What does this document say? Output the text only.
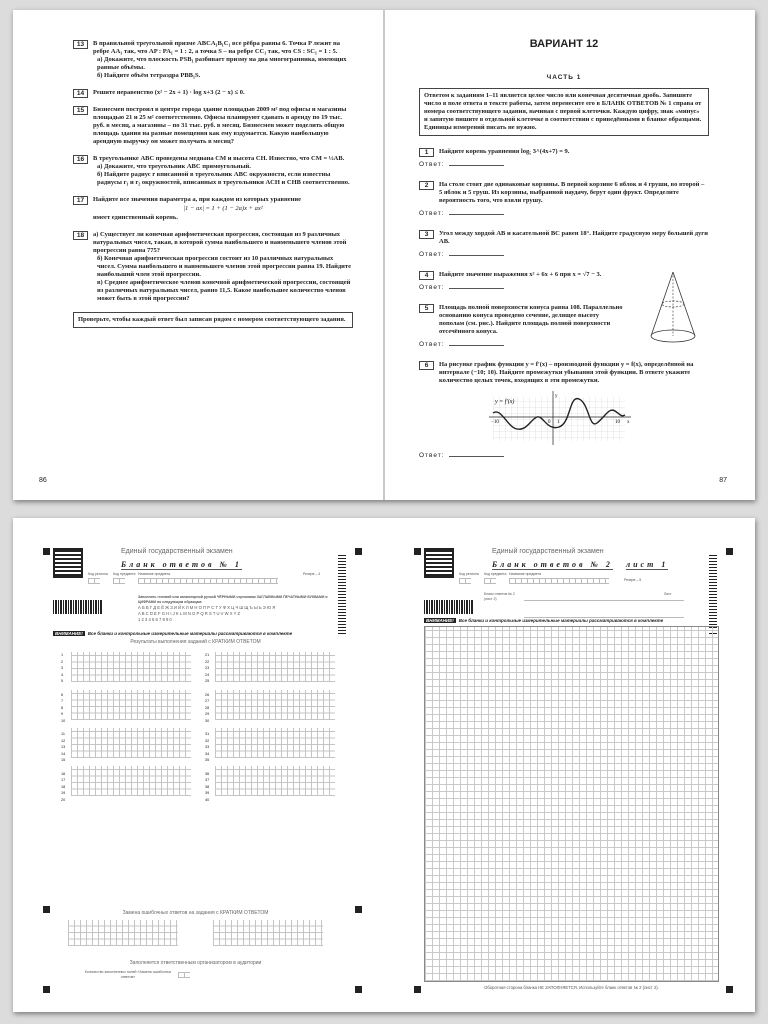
13	В правильной треугольной призме ABCA₁B₁C₁ все рёбра равны 6. Точка P лежит на ребре AA₁ так, что AP : PA₁ = 1 : 2, а точка S – на ребре CC₁ так, что CS : SC₁ = 1 : 5.
а) Докажите, что плоскость PSB₁ разбивает призму на два многогранника, имеющих равные объёмы.
б) Найдите объём тетраэдра PBB₁S.
14	Решите неравенство (x² − 2x + 1) · log x+3 (2 − x) ≤ 0.
15	Бизнесмен построил в центре города здание площадью 2009 м² под офисы и магазины площадью 21 и 25 м² соответственно. Офисы планируют сдавать в аренду по 19 тыс. руб. в месяц, а магазины – по 31 тыс. руб. в месяц. Бизнесмен может поделить общую площадь здания на разные помещения как ему вздумается. Какую наибольшую арендную выручку он может получать в месяц?
16	В треугольнике ABC проведены медиана CM и высота CH. Известно, что CM = ½AB.
а) Докажите, что треугольник ABC прямоугольный.
б) Найдите радиус r вписанной в треугольник ABC окружности, если известны радиусы r₁ и r₂ окружностей, вписанных в треугольники ACH и CHB соответственно.
17	Найдите все значения параметра a, при каждом из которых уравнение
|1 − ax| = 1 + (1 − 2a)x + ax²
имеет единственный корень.
18	а) Существует ли конечная арифметическая прогрессия, состоящая из 9 различных натуральных чисел, такая, в которой сумма наибольшего и наименьшего членов этой прогрессии равна 775?
б) Конечная арифметическая прогрессия состоит из 10 различных натуральных чисел. Сумма наибольшего и наименьшего членов этой прогрессии равна 19. Найдите наибольший член этой прогрессии.
в) Среднее арифметическое членов конечной арифметической прогрессии, состоящей из различных натуральных чисел, равно 11,5. Какое наибольшее количество членов может быть в этой прогрессии?
Проверьте, чтобы каждый ответ был записан рядом с номером соответствующего задания.
86
ВАРИАНТ 12
ЧАСТЬ 1
Ответом к заданиям 1–11 является целое число или конечная десятичная дробь. Запишите число в поле ответа в тексте работы, затем перенесите его в БЛАНК ОТВЕТОВ № 1 справа от номера соответствующего задания, начиная с первой клеточки. Каждую цифру, знак «минус» и запятую пишите в отдельной клеточке в соответствии с приведёнными в бланке образцами. Единицы измерений писать не нужно.
1	Найдите корень уравнения log₅ 3^(4x+7) = 9.
Ответ:
2	На столе стоят две одинаковые корзины. В первой корзине 6 яблок и 4 груши, во второй – 5 яблок и 5 груш. Из корзины, выбранной наудачу, берут один фрукт. Определите вероятность того, что взяли грушу.
Ответ:
3	Угол между хордой AB и касательной BC равен 18°. Найдите градусную меру большей дуги AB.
Ответ:
4	Найдите значение выражения x² + 6x + 6 при x = √7 − 3.
Ответ:
5	Площадь полной поверхности конуса равна 108. Параллельно основанию конуса проведено сечение, делящее высоту пополам (см. рис.). Найдите площадь полной поверхности отсечённого конуса.
Ответ:
6	На рисунке график функции y = f′(x) – производной функции y = f(x), определённой на интервале (−10; 10). Найдите промежутки убывания этой функции. В ответе укажите количество целых точек, входящих в эти промежутки.
y = f′(x)
y
x
−10	10
0 1
Ответ:
87
Единый государственный экзамен
Бланк ответов № 1
Код региона Код предмета Название предмета	Резерв – 4
Заполнять гелевой или капиллярной ручкой ЧЁРНЫМИ чернилами ЗАГЛАВНЫМИ ПЕЧАТНЫМИ БУКВАМИ и ЦИФРАМИ по следующим образцам:
А Б В Г Д Е Ё Ж З И Й К Л М Н О П Р С Т У Ф Х Ц Ч Ш Щ Ъ Ы Ь Э Ю Я
A B C D E F G H I J K L M N O P Q R S T U V W X Y Z
1 2 3 4 5 6 7 8 9 0
ВНИМАНИЕ! Все бланки и контрольные измерительные материалы рассматриваются в комплекте
Результаты выполнения заданий с КРАТКИМ ОТВЕТОМ
1
2
3
4
5
6
7
8
9
10
11
12
13
14
15
16
17
18
19
20
21
22
23
24
25
26
27
28
29
30
31
32
33
34
35
36
37
38
39
40
Замена ошибочных ответов на задания с КРАТКИМ ОТВЕТОМ
Заполняется ответственным организатором в аудитории
Количество заполненных полей «Замена ошибочных ответов»
Единый государственный экзамен
Бланк ответов № 2 лист 1
Код региона Код предмета Название предмета
Резерв – 5
Бланк ответов № 2 (лист 2)
Лист
ВНИМАНИЕ! Все бланки и контрольные измерительные материалы рассматриваются в комплекте
Оборотная сторона бланка НЕ ЗАПОЛНЯЕТСЯ. Используйте бланк ответов № 2 (лист 2).
